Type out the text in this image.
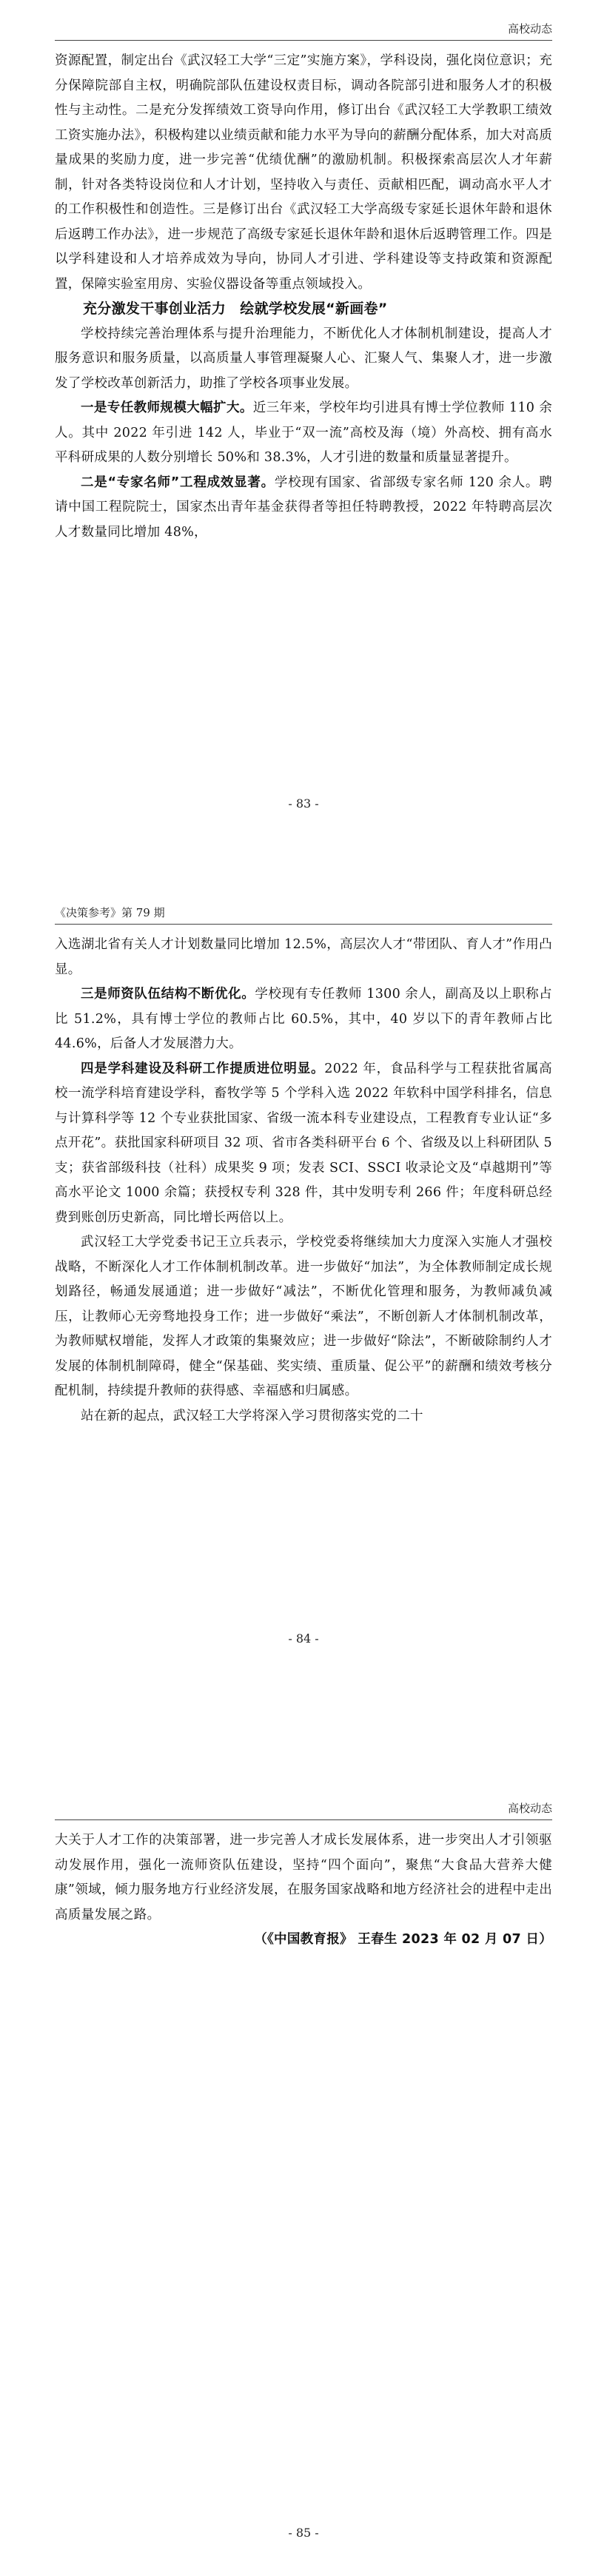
高校动态

资源配置，制定出台《武汉轻工大学“三定”实施方案》，学科设岗，强化岗位意识；充分保障院部自主权，明确院部队伍建设权责目标，调动各院部引进和服务人才的积极性与主动性。二是充分发挥绩效工资导向作用，修订出台《武汉轻工大学教职工绩效工资实施办法》，积极构建以业绩贡献和能力水平为导向的薪酬分配体系，加大对高质量成果的奖励力度，进一步完善“优绩优酬”的激励机制。积极探索高层次人才年薪制，针对各类特设岗位和人才计划，坚持收入与责任、贡献相匹配，调动高水平人才的工作积极性和创造性。三是修订出台《武汉轻工大学高级专家延长退休年龄和退休后返聘工作办法》，进一步规范了高级专家延长退休年龄和退休后返聘管理工作。四是以学科建设和人才培养成效为导向，协同人才引进、学科建设等支持政策和资源配置，保障实验室用房、实验仪器设备等重点领域投入。

充分激发干事创业活力　绘就学校发展“新画卷”

学校持续完善治理体系与提升治理能力，不断优化人才体制机制建设，提高人才服务意识和服务质量，以高质量人事管理凝聚人心、汇聚人气、集聚人才，进一步激发了学校改革创新活力，助推了学校各项事业发展。

一是专任教师规模大幅扩大。近三年来，学校年均引进具有博士学位教师 110 余人。其中 2022 年引进 142 人，毕业于“双一流”高校及海（境）外高校、拥有高水平科研成果的人数分别增长 50%和 38.3%，人才引进的数量和质量显著提升。

二是“专家名师”工程成效显著。学校现有国家、省部级专家名师 120 余人。聘请中国工程院院士，国家杰出青年基金获得者等担任特聘教授，2022 年特聘高层次人才数量同比增加 48%，

- 83 -
《决策参考》第 79 期

入选湖北省有关人才计划数量同比增加 12.5%，高层次人才“带团队、育人才”作用凸显。

三是师资队伍结构不断优化。学校现有专任教师 1300 余人，副高及以上职称占比 51.2%，具有博士学位的教师占比 60.5%，其中，40 岁以下的青年教师占比 44.6%，后备人才发展潜力大。

四是学科建设及科研工作提质进位明显。2022 年，食品科学与工程获批省属高校一流学科培育建设学科，畜牧学等 5 个学科入选 2022 年软科中国学科排名，信息与计算科学等 12 个专业获批国家、省级一流本科专业建设点，工程教育专业认证“多点开花”。获批国家科研项目 32 项、省市各类科研平台 6 个、省级及以上科研团队 5 支；获省部级科技（社科）成果奖 9 项；发表 SCI、SSCI 收录论文及“卓越期刊”等高水平论文 1000 余篇；获授权专利 328 件，其中发明专利 266 件；年度科研总经费到账创历史新高，同比增长两倍以上。

武汉轻工大学党委书记王立兵表示，学校党委将继续加大力度深入实施人才强校战略，不断深化人才工作体制机制改革。进一步做好“加法”，为全体教师制定成长规划路径，畅通发展通道；进一步做好“减法”，不断优化管理和服务，为教师减负减压，让教师心无旁骛地投身工作；进一步做好“乘法”，不断创新人才体制机制改革，为教师赋权增能，发挥人才政策的集聚效应；进一步做好“除法”，不断破除制约人才发展的体制机制障碍，健全“保基础、奖实绩、重质量、促公平”的薪酬和绩效考核分配机制，持续提升教师的获得感、幸福感和归属感。

站在新的起点，武汉轻工大学将深入学习贯彻落实党的二十

- 84 -
高校动态

大关于人才工作的决策部署，进一步完善人才成长发展体系，进一步突出人才引领驱动发展作用，强化一流师资队伍建设，坚持“四个面向”，聚焦“大食品大营养大健康”领域，倾力服务地方行业经济发展，在服务国家战略和地方经济社会的进程中走出高质量发展之路。

（《中国教育报》 王春生 2023 年 02 月 07 日）

- 85 -
